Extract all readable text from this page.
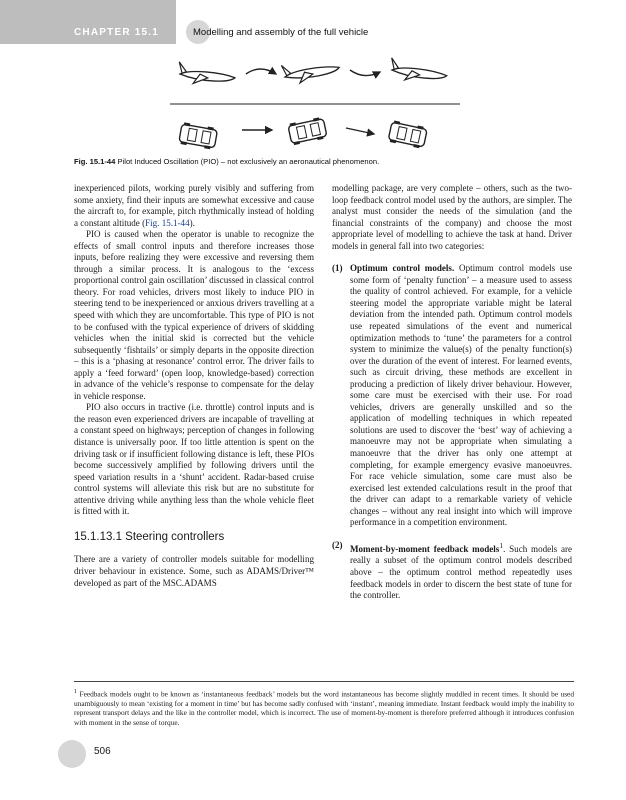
CHAPTER 15.1	Modelling and assembly of the full vehicle
Fig. 15.1-44 Pilot Induced Oscillation (PIO) – not exclusively an aeronautical phenomenon.

inexperienced pilots, working purely visibly and suffering from some anxiety, find their inputs are somewhat excessive and cause the aircraft to, for example, pitch rhythmically instead of holding a constant altitude (Fig. 15.1-44).

PIO is caused when the operator is unable to recognize the effects of small control inputs and therefore increases those inputs, before realizing they were excessive and reversing them through a similar process. It is analogous to the ‘excess proportional control gain oscillation’ discussed in classical control theory. For road vehicles, drivers most likely to induce PIO in steering tend to be inexperienced or anxious drivers travelling at a speed with which they are uncomfortable. This type of PIO is not to be confused with the typical experience of drivers of skidding vehicles when the initial skid is corrected but the vehicle subsequently ‘fishtails’ or simply departs in the opposite direction – this is a ‘phasing at resonance’ control error. The driver fails to apply a ‘feed forward’ (open loop, knowledge-based) correction in advance of the vehicle’s response to compensate for the delay in vehicle response.

PIO also occurs in tractive (i.e. throttle) control inputs and is the reason even experienced drivers are incapable of travelling at a constant speed on highways; perception of changes in following distance is universally poor. If too little attention is spent on the driving task or if insufficient following distance is left, these PIOs become successively amplified by following drivers until the speed variation results in a ‘shunt’ accident. Radar-based cruise control systems will alleviate this risk but are no substitute for attentive driving while anything less than the whole vehicle fleet is fitted with it.

15.1.13.1 Steering controllers

There are a variety of controller models suitable for modelling driver behaviour in existence. Some, such as ADAMS/Driver™ developed as part of the MSC.ADAMS

modelling package, are very complete – others, such as the two-loop feedback control model used by the authors, are simpler. The analyst must consider the needs of the simulation (and the financial constraints of the company) and choose the most appropriate level of modelling to achieve the task at hand. Driver models in general fall into two categories:

(1) Optimum control models. Optimum control models use some form of ‘penalty function’ – a measure used to assess the quality of control achieved. For example, for a vehicle steering model the appropriate variable might be lateral deviation from the intended path. Optimum control models use repeated simulations of the event and numerical optimization methods to ‘tune’ the parameters for a control system to minimize the value(s) of the penalty function(s) over the duration of the event of interest. For learned events, such as circuit driving, these methods are excellent in producing a prediction of likely driver behaviour. However, some care must be exercised with their use. For road vehicles, drivers are generally unskilled and so the application of modelling techniques in which repeated solutions are used to discover the ‘best’ way of achieving a manoeuvre may not be appropriate when simulating a manoeuvre that the driver has only one attempt at completing, for example emergency evasive manoeuvres. For race vehicle simulation, some care must also be exercised lest extended calculations result in the proof that the driver can adapt to a remarkable variety of vehicle changes – without any real insight into which will improve performance in a competition environment.

(2) Moment-by-moment feedback models$^1$. Such models are really a subset of the optimum control models described above – the optimum control method repeatedly uses feedback models in order to discern the best state of tune for the controller.

$^1$ Feedback models ought to be known as ‘instantaneous feedback’ models but the word instantaneous has become slightly muddled in recent times. It should be used unambiguously to mean ‘existing for a moment in time’ but has become sadly confused with ‘instant’, meaning immediate. Instant feedback would imply the inability to represent transport delays and the like in the controller model, which is incorrect. The use of moment-by-moment is therefore preferred although it introduces confusion with moment in the sense of torque.
506
